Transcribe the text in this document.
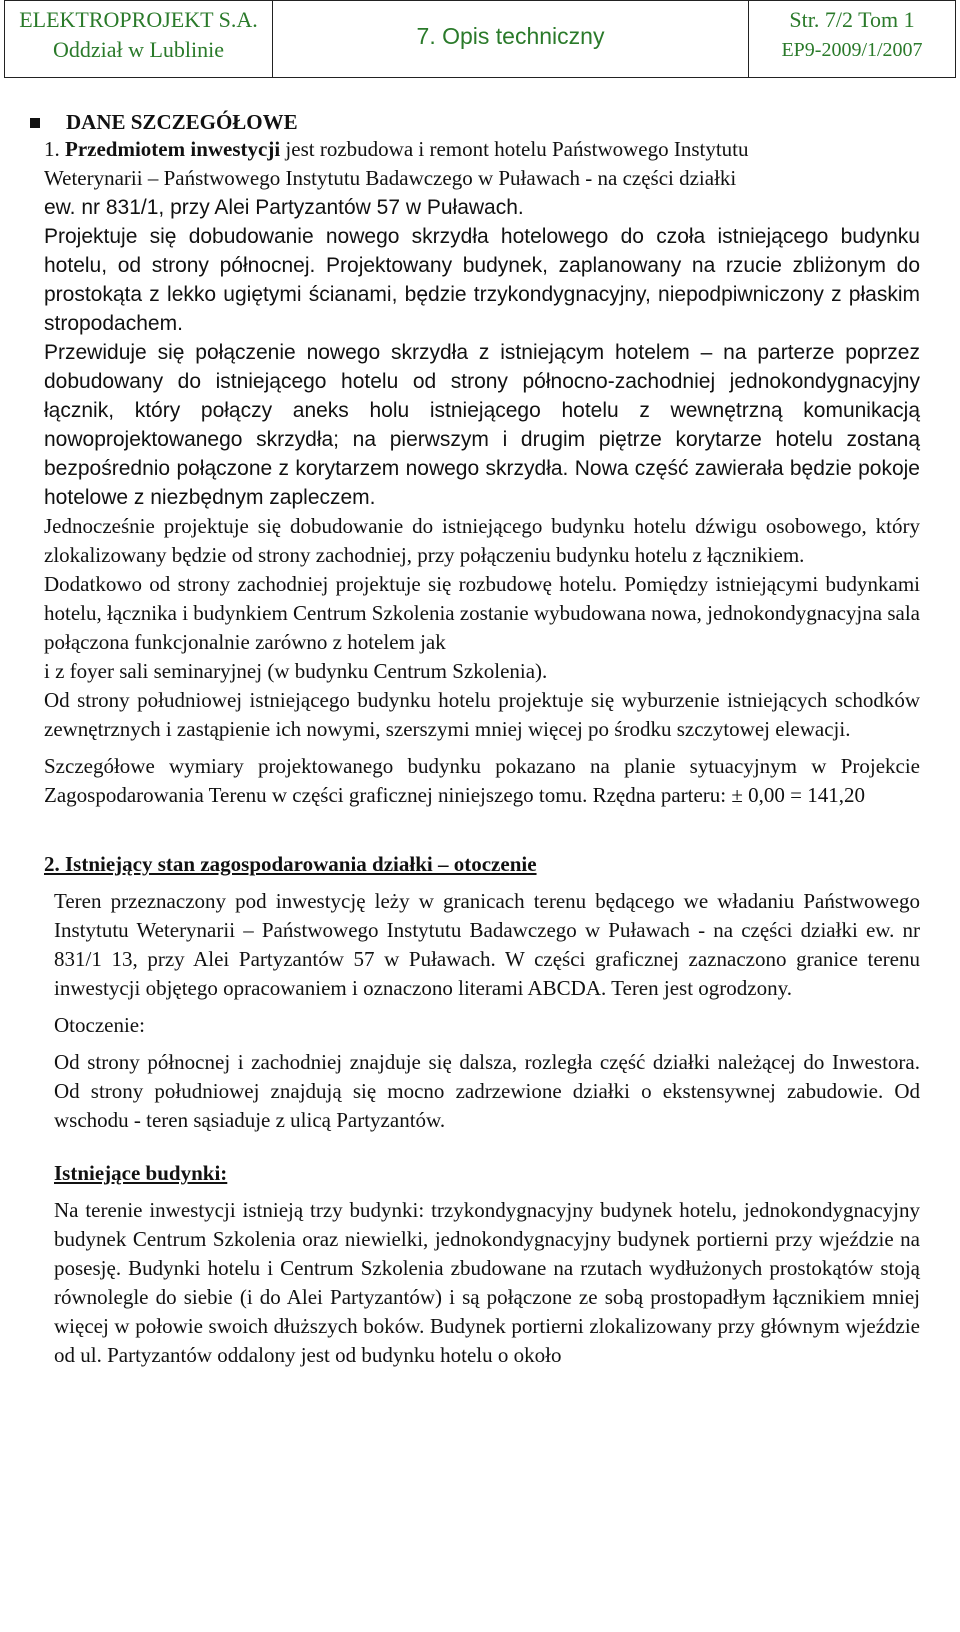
ELEKTROPROJEKT S.A.
Oddział w Lublinie
7. Opis techniczny
Str. 7/2 Tom 1
EP9-2009/1/2007
DANE SZCZEGÓŁOWE

1. Przedmiotem inwestycji jest rozbudowa i remont hotelu Państwowego Instytutu

Weterynarii – Państwowego Instytutu Badawczego w Puławach - na części działki

ew. nr 831/1, przy Alei Partyzantów 57 w Puławach.

Projektuje się dobudowanie nowego skrzydła hotelowego do czoła istniejącego budynku hotelu, od strony północnej. Projektowany budynek, zaplanowany na rzucie zbliżonym do prostokąta z lekko ugiętymi ścianami, będzie trzykondygnacyjny, niepodpiwniczony z płaskim stropodachem.

Przewiduje się połączenie nowego skrzydła z istniejącym hotelem – na parterze poprzez dobudowany do istniejącego hotelu od strony północno-zachodniej jednokondygnacyjny łącznik, który połączy aneks holu istniejącego hotelu z wewnętrzną komunikacją nowoprojektowanego skrzydła; na pierwszym i drugim piętrze korytarze hotelu zostaną bezpośrednio połączone z korytarzem nowego skrzydła. Nowa część zawierała będzie pokoje hotelowe z niezbędnym zapleczem.

Jednocześnie projektuje się dobudowanie do istniejącego budynku hotelu dźwigu osobowego, który zlokalizowany będzie od strony zachodniej, przy połączeniu budynku hotelu z łącznikiem.

Dodatkowo od strony zachodniej projektuje się rozbudowę hotelu. Pomiędzy istniejącymi budynkami hotelu, łącznika i budynkiem Centrum Szkolenia zostanie wybudowana nowa, jednokondygnacyjna sala połączona funkcjonalnie zarówno z hotelem jak

i z foyer sali seminaryjnej (w budynku Centrum Szkolenia).

Od strony południowej istniejącego budynku hotelu projektuje się wyburzenie istniejących schodków zewnętrznych i zastąpienie ich nowymi, szerszymi mniej więcej po środku szczytowej elewacji.

Szczegółowe wymiary projektowanego budynku pokazano na planie sytuacyjnym w Projekcie Zagospodarowania Terenu w części graficznej niniejszego tomu. Rzędna parteru: ± 0,00 = 141,20

2. Istniejący stan zagospodarowania działki – otoczenie

Teren przeznaczony pod inwestycję leży w granicach terenu będącego we władaniu Państwowego Instytutu Weterynarii – Państwowego Instytutu Badawczego w Puławach - na części działki ew. nr 831/1 13, przy Alei Partyzantów 57 w Puławach. W części graficznej zaznaczono granice terenu inwestycji objętego opracowaniem i oznaczono literami ABCDA. Teren jest ogrodzony.

Otoczenie:

Od strony północnej i zachodniej znajduje się dalsza, rozległa część działki należącej do Inwestora. Od strony południowej znajdują się mocno zadrzewione działki o ekstensywnej zabudowie. Od wschodu - teren sąsiaduje z ulicą Partyzantów.

Istniejące budynki:

Na terenie inwestycji istnieją trzy budynki: trzykondygnacyjny budynek hotelu, jednokondygnacyjny budynek Centrum Szkolenia oraz niewielki, jednokondygnacyjny budynek portierni przy wjeździe na posesję. Budynki hotelu i Centrum Szkolenia zbudowane na rzutach wydłużonych prostokątów stoją równolegle do siebie (i do Alei Partyzantów) i są połączone ze sobą prostopadłym łącznikiem mniej więcej w połowie swoich dłuższych boków. Budynek portierni zlokalizowany przy głównym wjeździe od ul. Partyzantów oddalony jest od budynku hotelu o około
